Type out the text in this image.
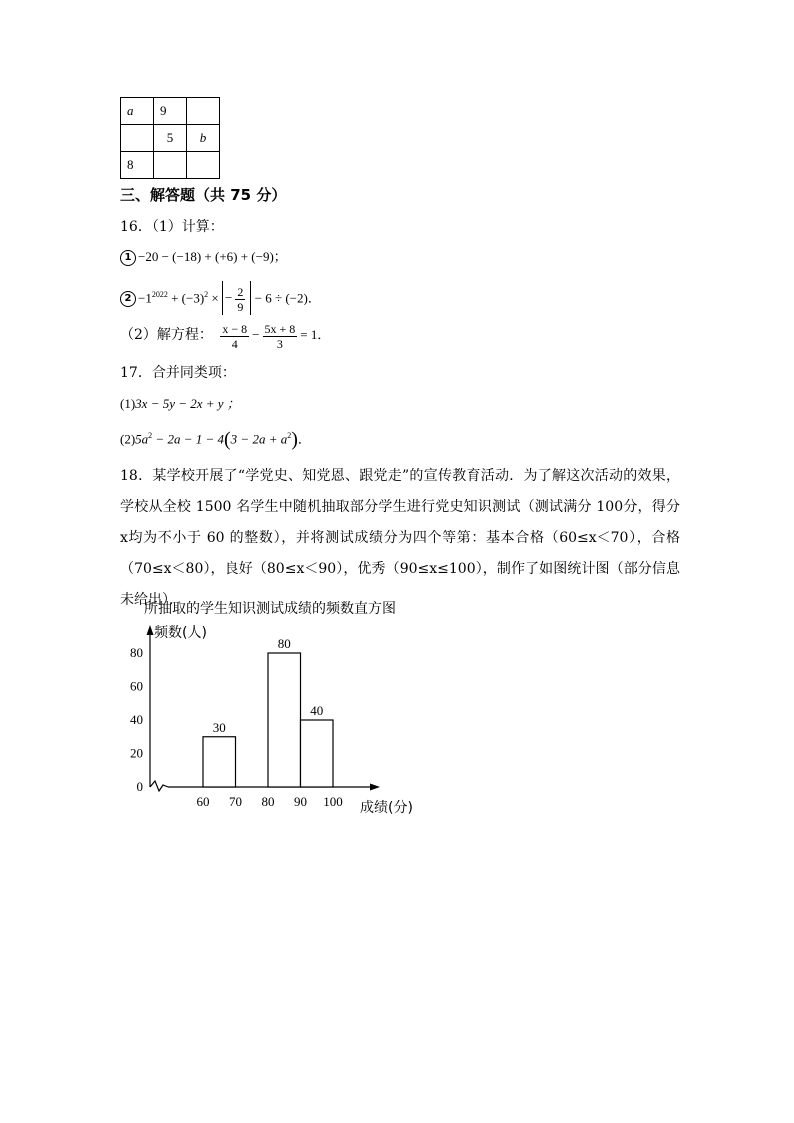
a	9	
	5	b
8		
三、解答题（共 75 分）
16．（1）计算：
1 −20 − (−18) + (+6) + (−9)；
$2 -1^{2022} + (-3)^2$ × − $\frac{2}{9} - 6 \div (-2)$．
（2）解方程： $\frac{x - 8}{4} - \frac{5x + 8}{3} = 1$．
17．合并同类项：
(1)3x − 5y − 2x + y ；
$(2)5a^2 - 2a - 1 - 4(3 - 2a + a^2)$．
18．某学校开展了“学党史、知党恩、跟党走”的宣传教育活动．为了解这次活动的效果，学校从全校 1500 名学生中随机抽取部分学生进行党史知识测试（测试满分 100分，得分 x均为不小于 60 的整数），并将测试成绩分为四个等第：基本合格（60≤x＜70），合格（70≤x＜80），良好（80≤x＜90），优秀（90≤x≤100），制作了如图统计图（部分信息未给出）．
所抽取的学生知识测试成绩的频数直方图
频数(人)
成绩(分)
0
20
40
60
80
60 70 80 90 100
30
80
40
